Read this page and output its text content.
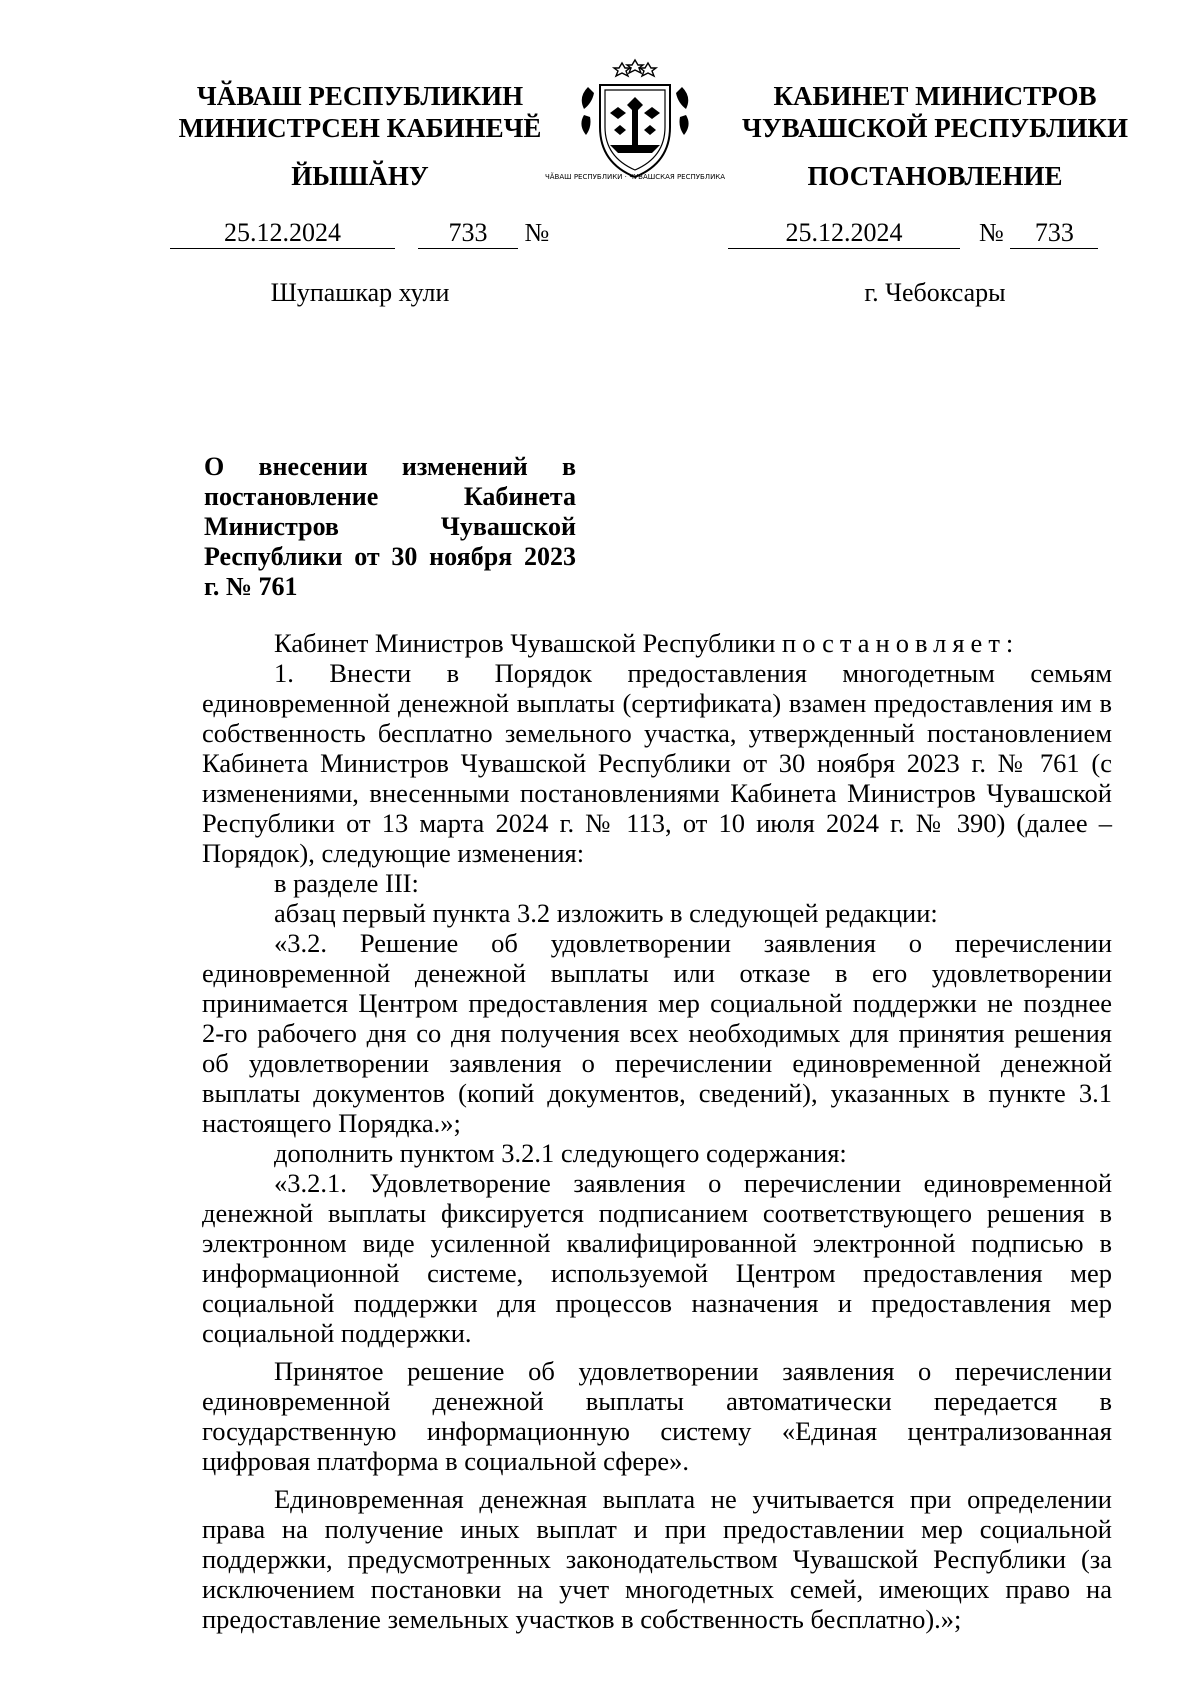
ЧӐВАШ РЕСПУБЛИКИН
МИНИСТРСЕН КАБИНЕЧӖ
ЙЫШӐНУ	ЧӐВАШ РЕСПУБЛИКИ · ЧУВАШСКАЯ РЕСПУБЛИКА
КАБИНЕТ МИНИСТРОВ
ЧУВАШСКОЙ РЕСПУБЛИКИ
ПОСТАНОВЛЕНИЕ
25.12.2024	733 №	25.12.2024	№ 733
Шупашкар хули	г. Чебоксары
О внесении изменений в постановление Кабинета Министров Чувашской Республики от 30 ноября 2023 г. № 761

Кабинет Министров Чувашской Республики постановляет:

1. Внести в Порядок предоставления многодетным семьям единовременной денежной выплаты (сертификата) взамен предоставления им в собственность бесплатно земельного участка, утвержденный постановлением Кабинета Министров Чувашской Республики от 30 ноября 2023 г. № 761 (с изменениями, внесенными постановлениями Кабинета Министров Чувашской Республики от 13 марта 2024 г. № 113, от 10 июля 2024 г. № 390) (далее – Порядок), следующие изменения:

в разделе III:

абзац первый пункта 3.2 изложить в следующей редакции:

«3.2. Решение об удовлетворении заявления о перечислении единовременной денежной выплаты или отказе в его удовлетворении принимается Центром предоставления мер социальной поддержки не позднее 2-го рабочего дня со дня получения всех необходимых для принятия решения об удовлетворении заявления о перечислении единовременной денежной выплаты документов (копий документов, сведений), указанных в пункте 3.1 настоящего Порядка.»;

дополнить пунктом 3.2.1 следующего содержания:

«3.2.1. Удовлетворение заявления о перечислении единовременной денежной выплаты фиксируется подписанием соответствующего решения в электронном виде усиленной квалифицированной электронной подписью в информационной системе, используемой Центром предоставления мер социальной поддержки для процессов назначения и предоставления мер социальной поддержки.

Принятое решение об удовлетворении заявления о перечислении единовременной денежной выплаты автоматически передается в государственную информационную систему «Единая централизованная цифровая платформа в социальной сфере».

Единовременная денежная выплата не учитывается при определении права на получение иных выплат и при предоставлении мер социальной поддержки, предусмотренных законодательством Чувашской Республики (за исключением постановки на учет многодетных семей, имеющих право на предоставление земельных участков в собственность бесплатно).»;
